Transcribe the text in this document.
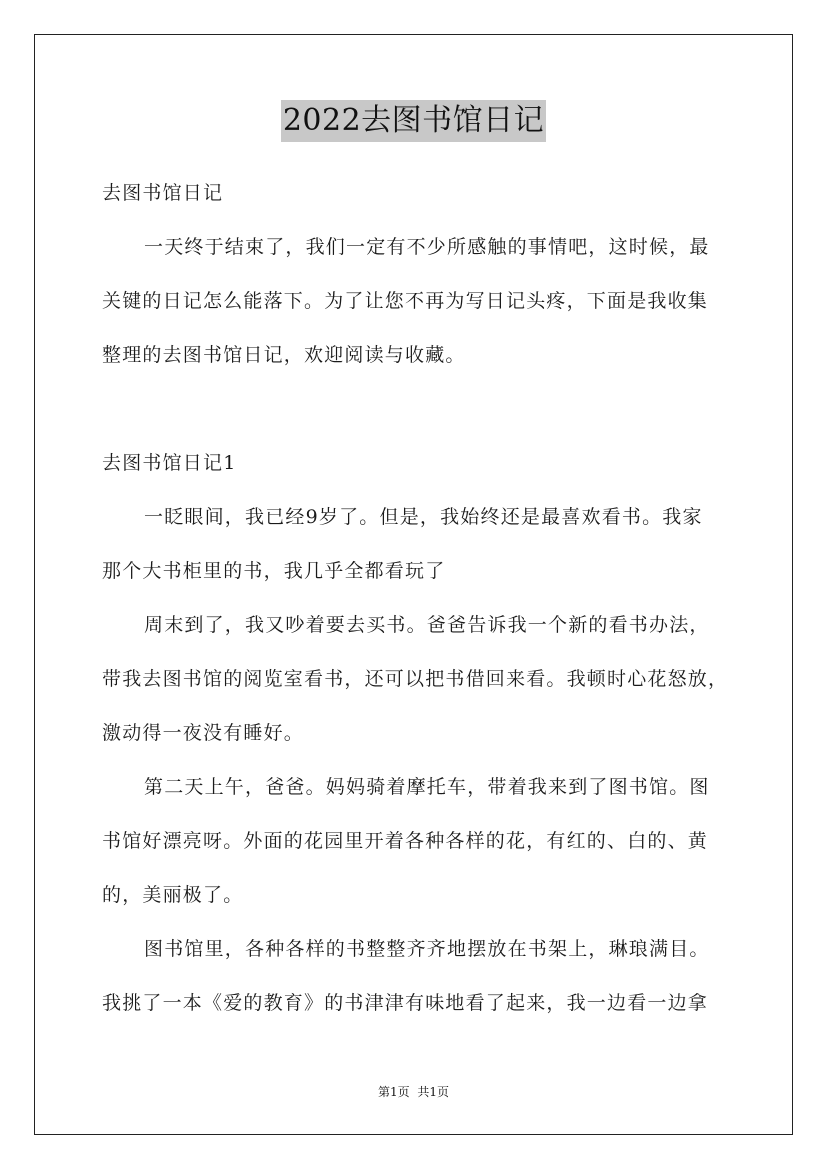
2022去图书馆日记
去图书馆日记
一天终于结束了，我们一定有不少所感触的事情吧，这时候，最
关键的日记怎么能落下。为了让您不再为写日记头疼，下面是我收集
整理的去图书馆日记，欢迎阅读与收藏。
去图书馆日记1
一眨眼间，我已经9岁了。但是，我始终还是最喜欢看书。我家
那个大书柜里的书，我几乎全都看玩了
周末到了，我又吵着要去买书。爸爸告诉我一个新的看书办法，
带我去图书馆的阅览室看书，还可以把书借回来看。我顿时心花怒放，
激动得一夜没有睡好。
第二天上午，爸爸。妈妈骑着摩托车，带着我来到了图书馆。图
书馆好漂亮呀。外面的花园里开着各种各样的花，有红的、白的、黄
的，美丽极了。
图书馆里，各种各样的书整整齐齐地摆放在书架上，琳琅满目。
我挑了一本《爱的教育》的书津津有味地看了起来，我一边看一边拿
第1页 共1页
